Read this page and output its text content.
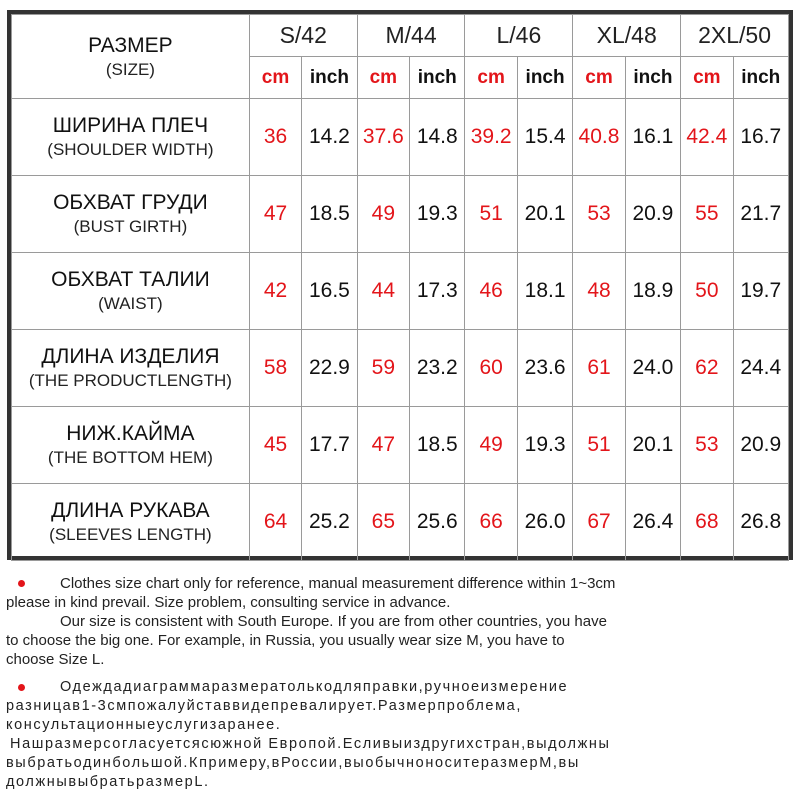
РАЗМЕР
(SIZE)	S/42		M/44		L/46		XL/48		2XL/50	
	cm	inch	cm	inch	cm	inch	cm	inch	cm	inch

ШИРИНА ПЛЕЧ
(SHOULDER WIDTH)	36	14.2	37.6	14.8	39.2	15.4	40.8	16.1	42.4	16.7

ОБХВАТ ГРУДИ
(BUST GIRTH)	47	18.5	49	19.3	51	20.1	53	20.9	55	21.7

ОБХВАТ ТАЛИИ
(WAIST)	42	16.5	44	17.3	46	18.1	48	18.9	50	19.7

ДЛИНА ИЗДЕЛИЯ
(THE PRODUCTLENGTH)	58	22.9	59	23.2	60	23.6	61	24.0	62	24.4

НИЖ.КАЙМА
(THE BOTTOM HEM)	45	17.7	47	18.5	49	19.3	51	20.1	53	20.9

ДЛИНА РУКАВА
(SLEEVES LENGTH)	64	25.2	65	25.6	66	26.0	67	26.4	68	26.8
Clothes size chart only for reference, manual measurement difference within 1~3cm
please in kind prevail. Size problem, consulting service in advance.
Our size is consistent with South Europe. If you are from other countries, you have
to choose the big one. For example, in Russia, you usually wear size M, you have to
choose Size L.
Одеждадиаграммаразмератолькодляправки,ручноеизмерение
разницав1-3смпожалуйставвидепревалирует.Размерпроблема,
консультационныеуслугизаранее.
Нашразмерсогласуетсясюжной Европой.Есливыиздругихстран,выдолжны
выбратьодинбольшой.Кпримеру,вРоссии,выобычноноситеразмерМ,вы
должнывыбратьразмерL.
